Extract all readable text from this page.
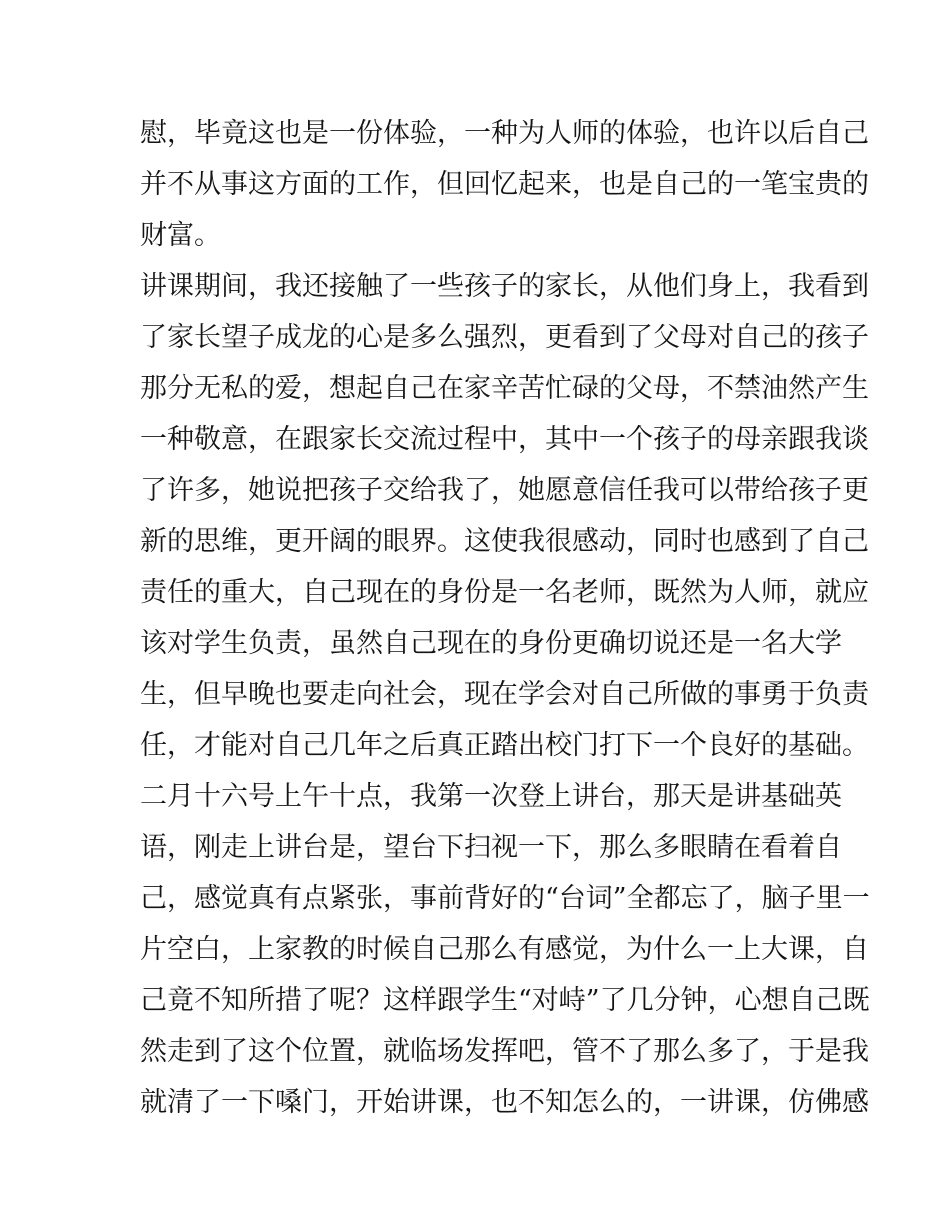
慰，毕竟这也是一份体验，一种为人师的体验，也许以后自己
并不从事这方面的工作，但回忆起来，也是自己的一笔宝贵的
财富。
讲课期间，我还接触了一些孩子的家长，从他们身上，我看到
了家长望子成龙的心是多么强烈，更看到了父母对自己的孩子
那分无私的爱，想起自己在家辛苦忙碌的父母，不禁油然产生
一种敬意，在跟家长交流过程中，其中一个孩子的母亲跟我谈
了许多，她说把孩子交给我了，她愿意信任我可以带给孩子更
新的思维，更开阔的眼界。这使我很感动，同时也感到了自己
责任的重大，自己现在的身份是一名老师，既然为人师，就应
该对学生负责，虽然自己现在的身份更确切说还是一名大学
生，但早晚也要走向社会，现在学会对自己所做的事勇于负责
任，才能对自己几年之后真正踏出校门打下一个良好的基础。
二月十六号上午十点，我第一次登上讲台，那天是讲基础英
语，刚走上讲台是，望台下扫视一下，那么多眼睛在看着自
己，感觉真有点紧张，事前背好的“台词”全都忘了，脑子里一
片空白，上家教的时候自己那么有感觉，为什么一上大课，自
己竟不知所措了呢？这样跟学生“对峙”了几分钟，心想自己既
然走到了这个位置，就临场发挥吧，管不了那么多了，于是我
就清了一下嗓门，开始讲课，也不知怎么的，一讲课，仿佛感
